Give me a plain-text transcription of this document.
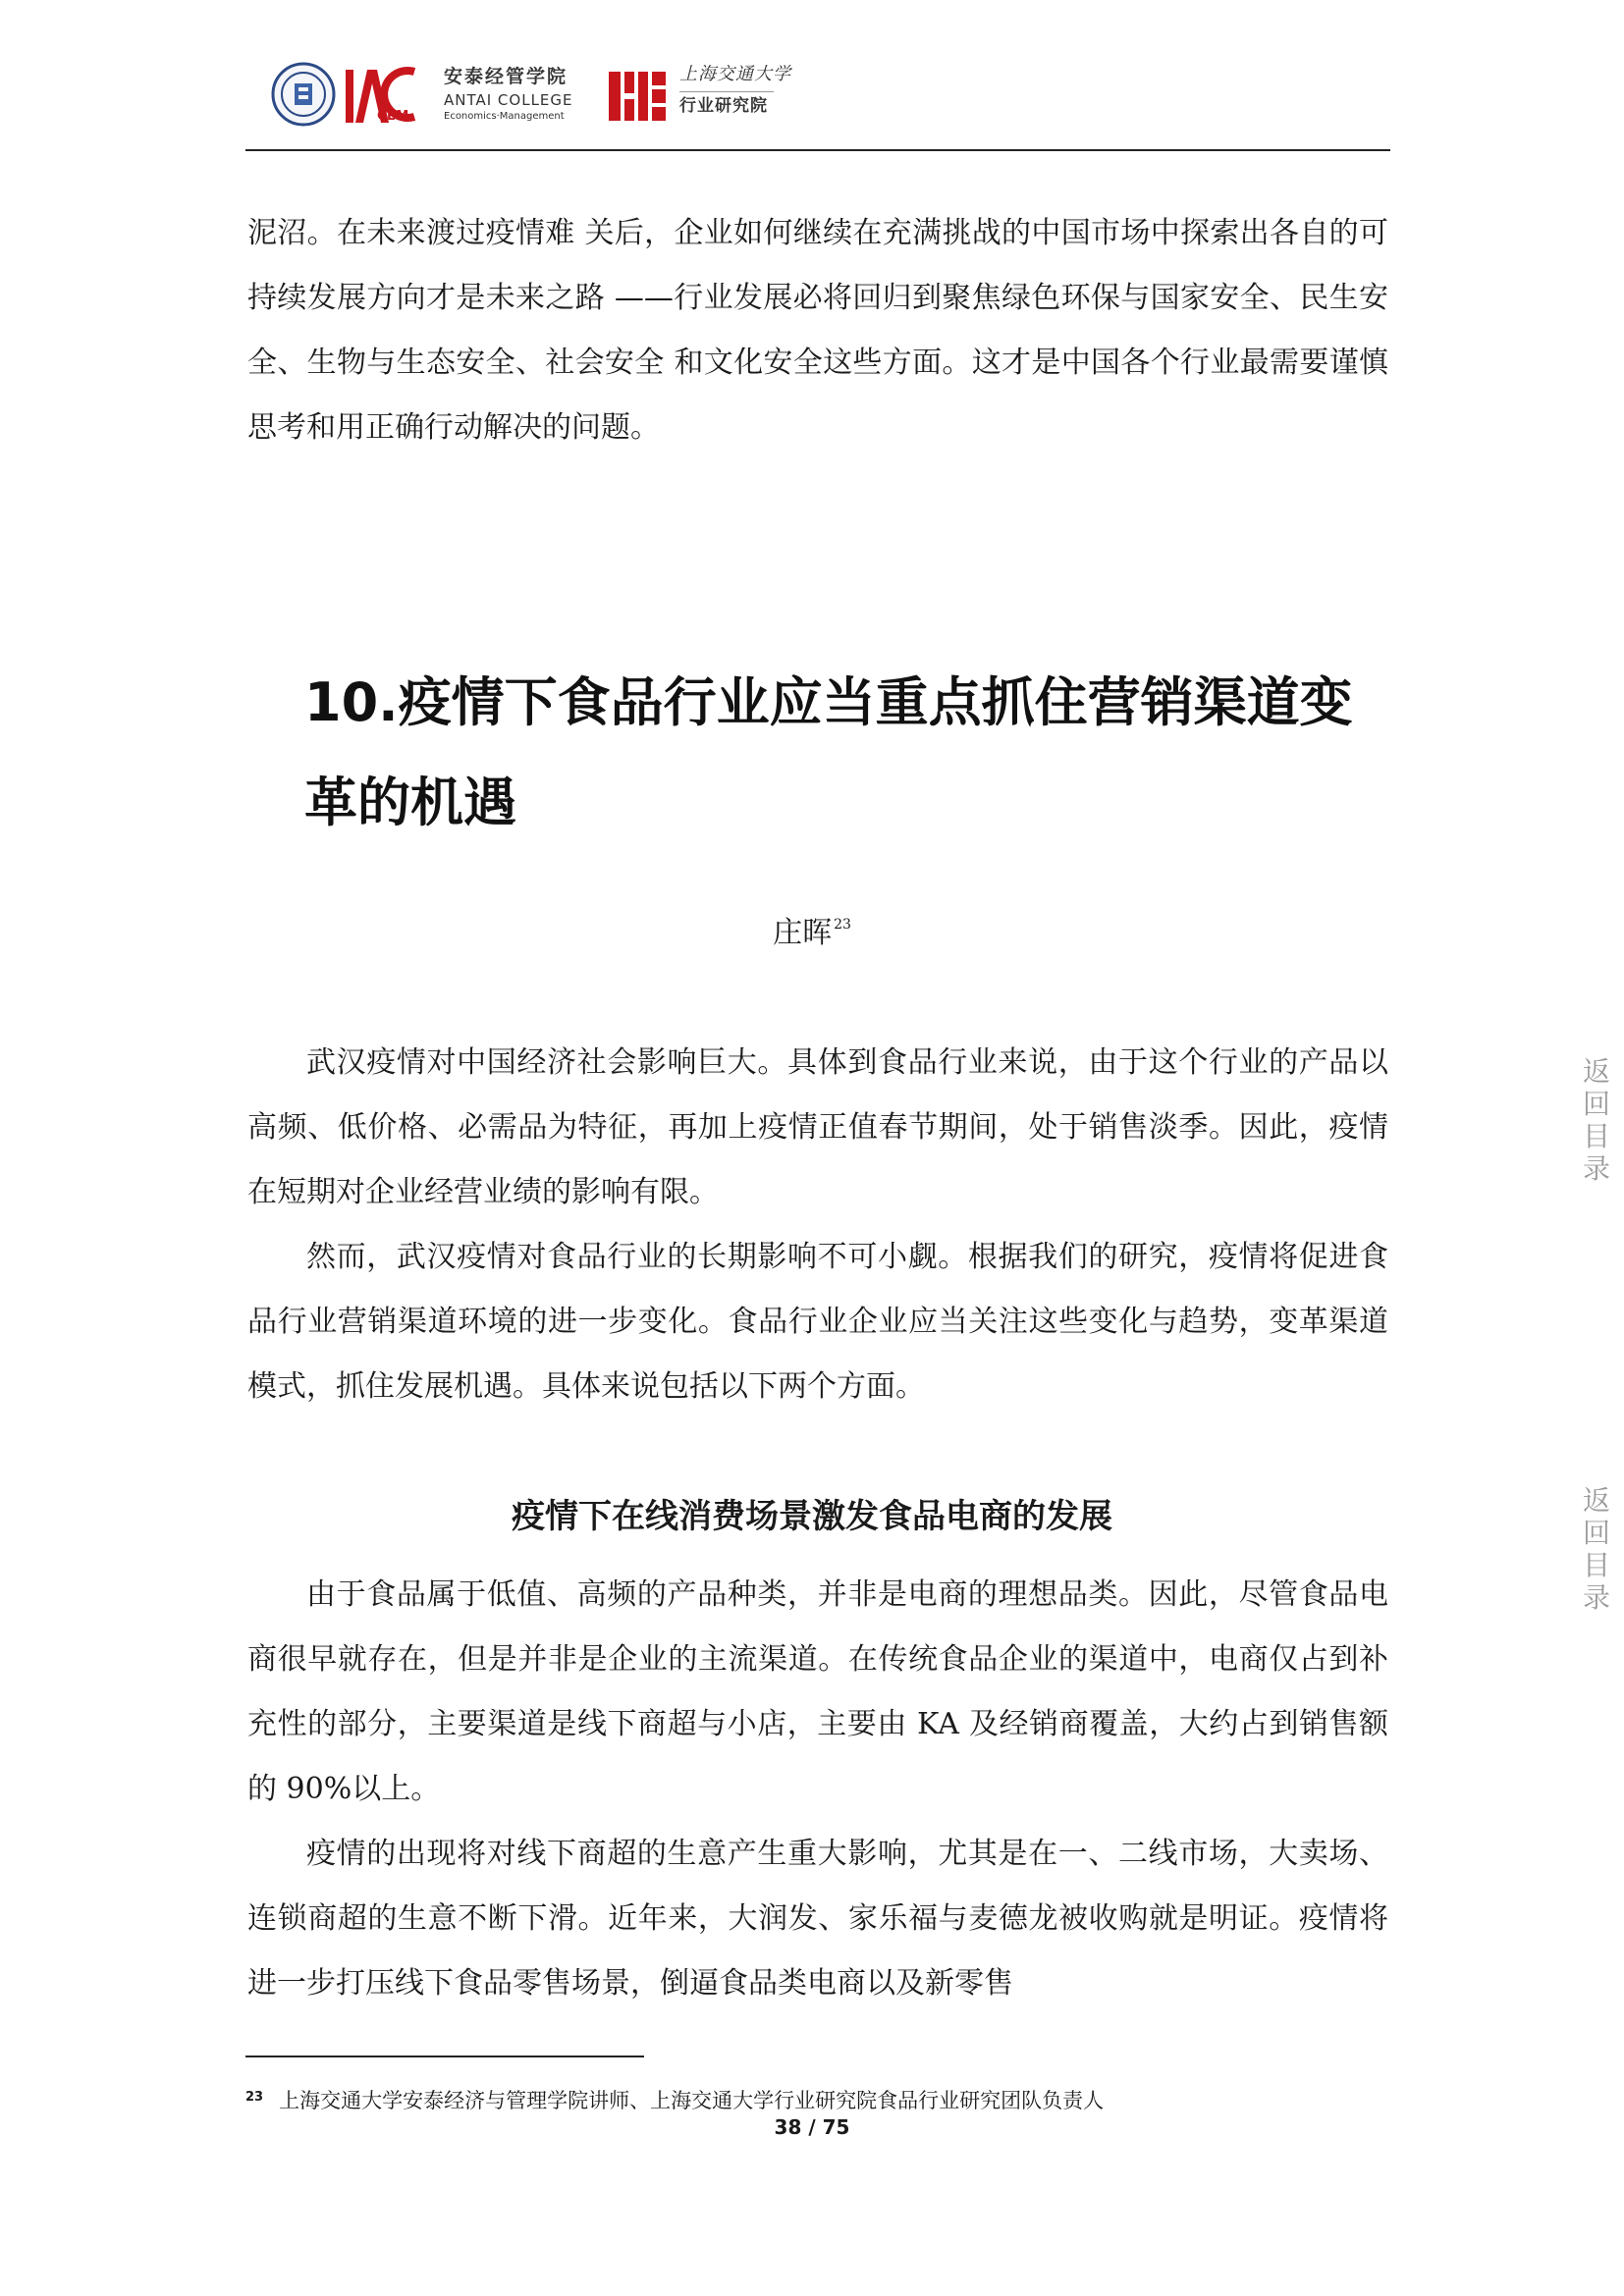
CEM
安泰经管学院
ANTAI COLLEGE
Economics·Management
上海交通大学
行业研究院

泥沼。在未来渡过疫情难 关后，企业如何继续在充满挑战的中国市场中探索出各自的可持续发展方向才是未来之路 ——行业发展必将回归到聚焦绿色环保与国家安全、民生安全、生物与生态安全、社会安全 和文化安全这些方面。这才是中国各个行业最需要谨慎思考和用正确行动解决的问题。

10.疫情下食品行业应当重点抓住营销渠道变革的机遇

庄晖 $^{23}$

武汉疫情对中国经济社会影响巨大。具体到食品行业来说，由于这个行业的产品以高频、低价格、必需品为特征，再加上疫情正值春节期间，处于销售淡季。因此，疫情在短期对企业经营业绩的影响有限。

然而，武汉疫情对食品行业的长期影响不可小觑。根据我们的研究，疫情将促进食品行业营销渠道环境的进一步变化。食品行业企业应当关注这些变化与趋势，变革渠道模式，抓住发展机遇。具体来说包括以下两个方面。

疫情下在线消费场景激发食品电商的发展

由于食品属于低值、高频的产品种类，并非是电商的理想品类。因此，尽管食品电商很早就存在，但是并非是企业的主流渠道。在传统食品企业的渠道中，电商仅占到补充性的部分，主要渠道是线下商超与小店，主要由 KA 及经销商覆盖，大约占到销售额的 90%以上。

疫情的出现将对线下商超的生意产生重大影响，尤其是在一、二线市场，大卖场、连锁商超的生意不断下滑。近年来，大润发、家乐福与麦德龙被收购就是明证。疫情将进一步打压线下食品零售场景，倒逼食品类电商以及新零售

返回目录
返回目录

$^{23}$ 上海交通大学安泰经济与管理学院讲师、上海交通大学行业研究院食品行业研究团队负责人

38 / 75
